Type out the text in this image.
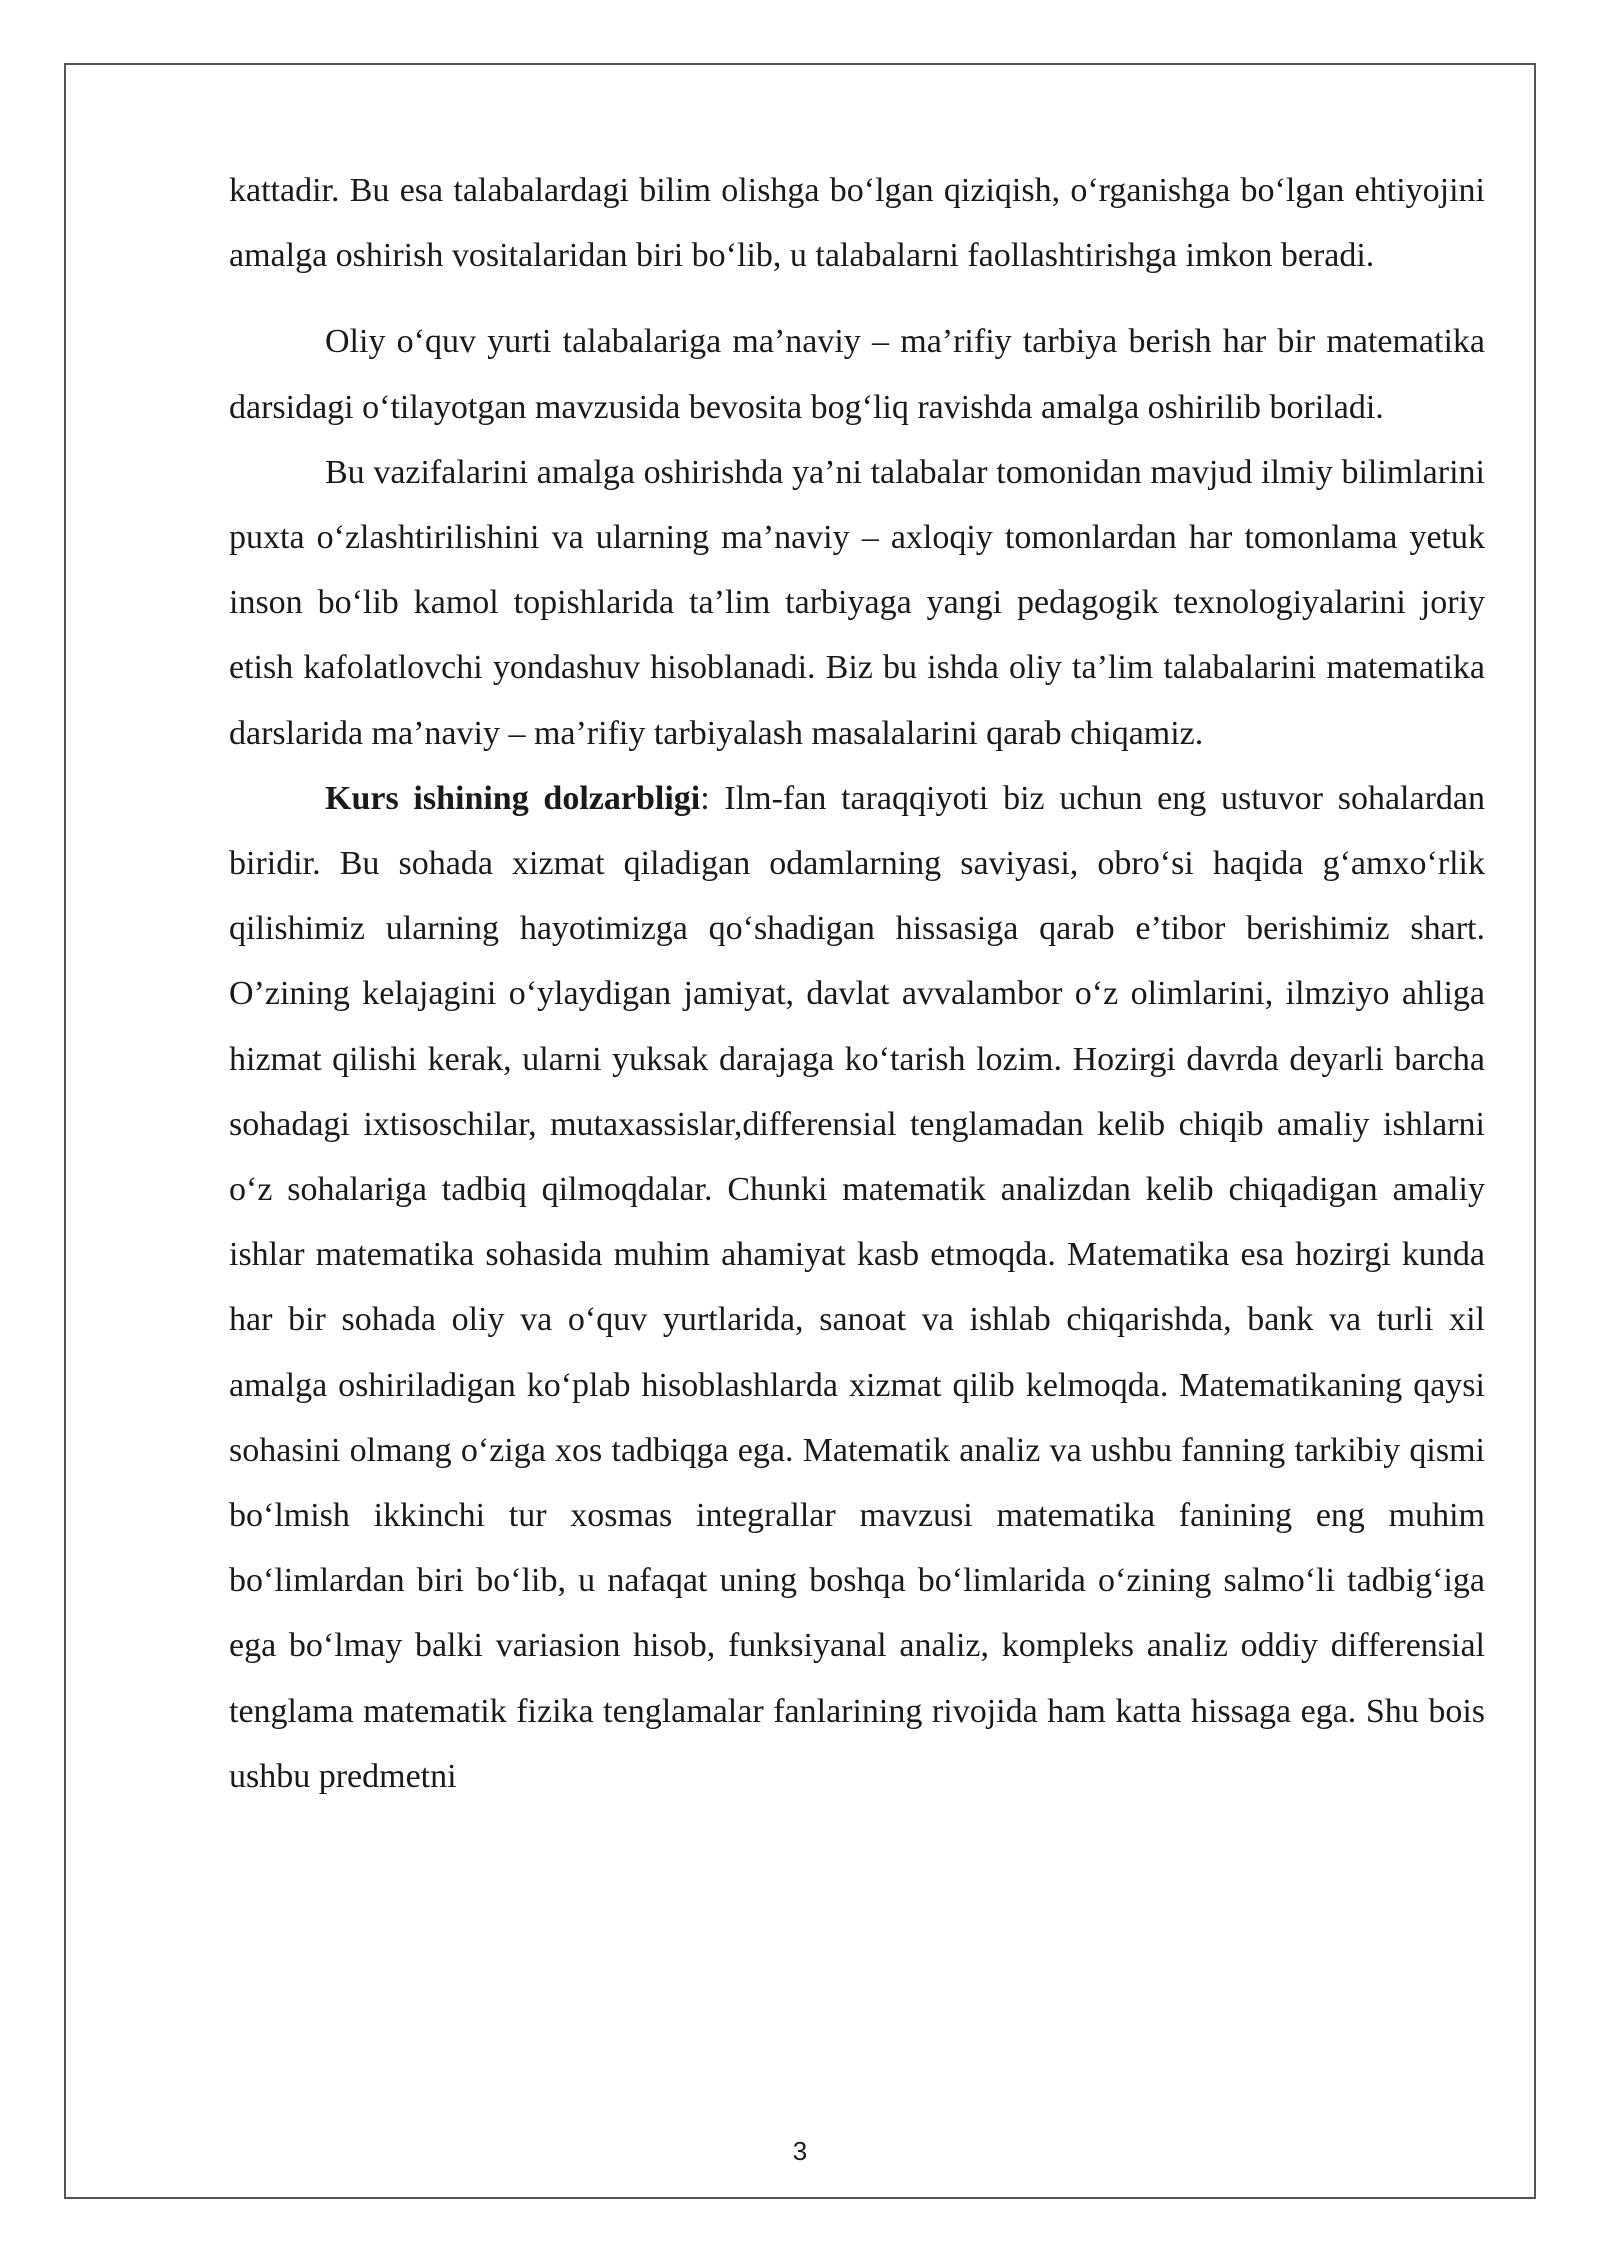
kattadir. Bu esa talabalardagi bilim olishga bo‘lgan qiziqish, o‘rganishga bo‘lgan ehtiyojini amalga oshirish vositalaridan biri bo‘lib, u talabalarni faollashtirishga imkon beradi.

Oliy o‘quv yurti talabalariga ma’naviy – ma’rifiy tarbiya berish har bir matematika darsidagi o‘tilayotgan mavzusida bevosita bog‘liq ravishda amalga oshirilib boriladi.

Bu vazifalarini amalga oshirishda ya’ni talabalar tomonidan mavjud ilmiy bilimlarini puxta o‘zlashtirilishini va ularning ma’naviy – axloqiy tomonlardan har tomonlama yetuk inson bo‘lib kamol topishlarida ta’lim tarbiyaga yangi pedagogik texnologiyalarini joriy etish kafolatlovchi yondashuv hisoblanadi. Biz bu ishda oliy ta’lim talabalarini matematika darslarida ma’naviy – ma’rifiy tarbiyalash masalalarini qarab chiqamiz.

Kurs ishining dolzarbligi: Ilm-fan taraqqiyoti biz uchun eng ustuvor sohalardan biridir. Bu sohada xizmat qiladigan odamlarning saviyasi, obro‘si haqida g‘amxo‘rlik qilishimiz ularning hayotimizga qo‘shadigan hissasiga qarab e’tibor berishimiz shart. O’zining kelajagini o‘ylaydigan jamiyat, davlat avvalambor o‘z olimlarini, ilmziyo ahliga hizmat qilishi kerak, ularni yuksak darajaga ko‘tarish lozim. Hozirgi davrda deyarli barcha sohadagi ixtisoschilar, mutaxassislar,differensial tenglamadan kelib chiqib amaliy ishlarni o‘z sohalariga tadbiq qilmoqdalar. Chunki matematik analizdan kelib chiqadigan amaliy ishlar matematika sohasida muhim ahamiyat kasb etmoqda. Matematika esa hozirgi kunda har bir sohada oliy va o‘quv yurtlarida, sanoat va ishlab chiqarishda, bank va turli xil amalga oshiriladigan ko‘plab hisoblashlarda xizmat qilib kelmoqda. Matematikaning qaysi sohasini olmang o‘ziga xos tadbiqga ega. Matematik analiz va ushbu fanning tarkibiy qismi bo‘lmish ikkinchi tur xosmas integrallar mavzusi matematika fanining eng muhim bo‘limlardan biri bo‘lib, u nafaqat uning boshqa bo‘limlarida o‘zining salmo‘li tadbig‘iga ega bo‘lmay balki variasion hisob, funksiyanal analiz, kompleks analiz oddiy differensial tenglama matematik fizika tenglamalar fanlarining rivojida ham katta hissaga ega. Shu bois ushbu predmetni

3
